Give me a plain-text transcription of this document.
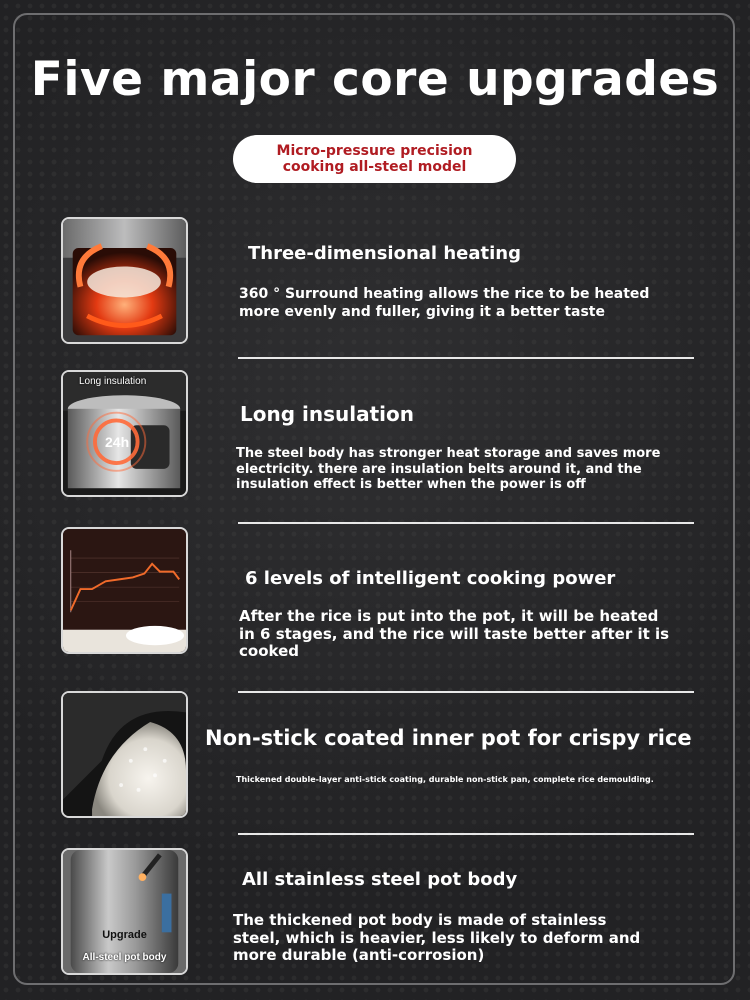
Five major core upgrades
Micro-pressure precision cooking all-steel model
Three-dimensional heating
360 ° Surround heating allows the rice to be heated more evenly and fuller, giving it a better taste
Long insulation
24h
Long insulation
The steel body has stronger heat storage and saves more electricity. there are insulation belts around it, and the insulation effect is better when the power is off
6 levels of intelligent cooking power
After the rice is put into the pot, it will be heated in 6 stages, and the rice will taste better after it is cooked
Non-stick coated inner pot for crispy rice
Thickened double-layer anti-stick coating, durable non-stick pan, complete rice demoulding.
Upgrade
All-steel pot body
All stainless steel pot body
The thickened pot body is made of stainless steel, which is heavier, less likely to deform and more durable (anti-corrosion)
